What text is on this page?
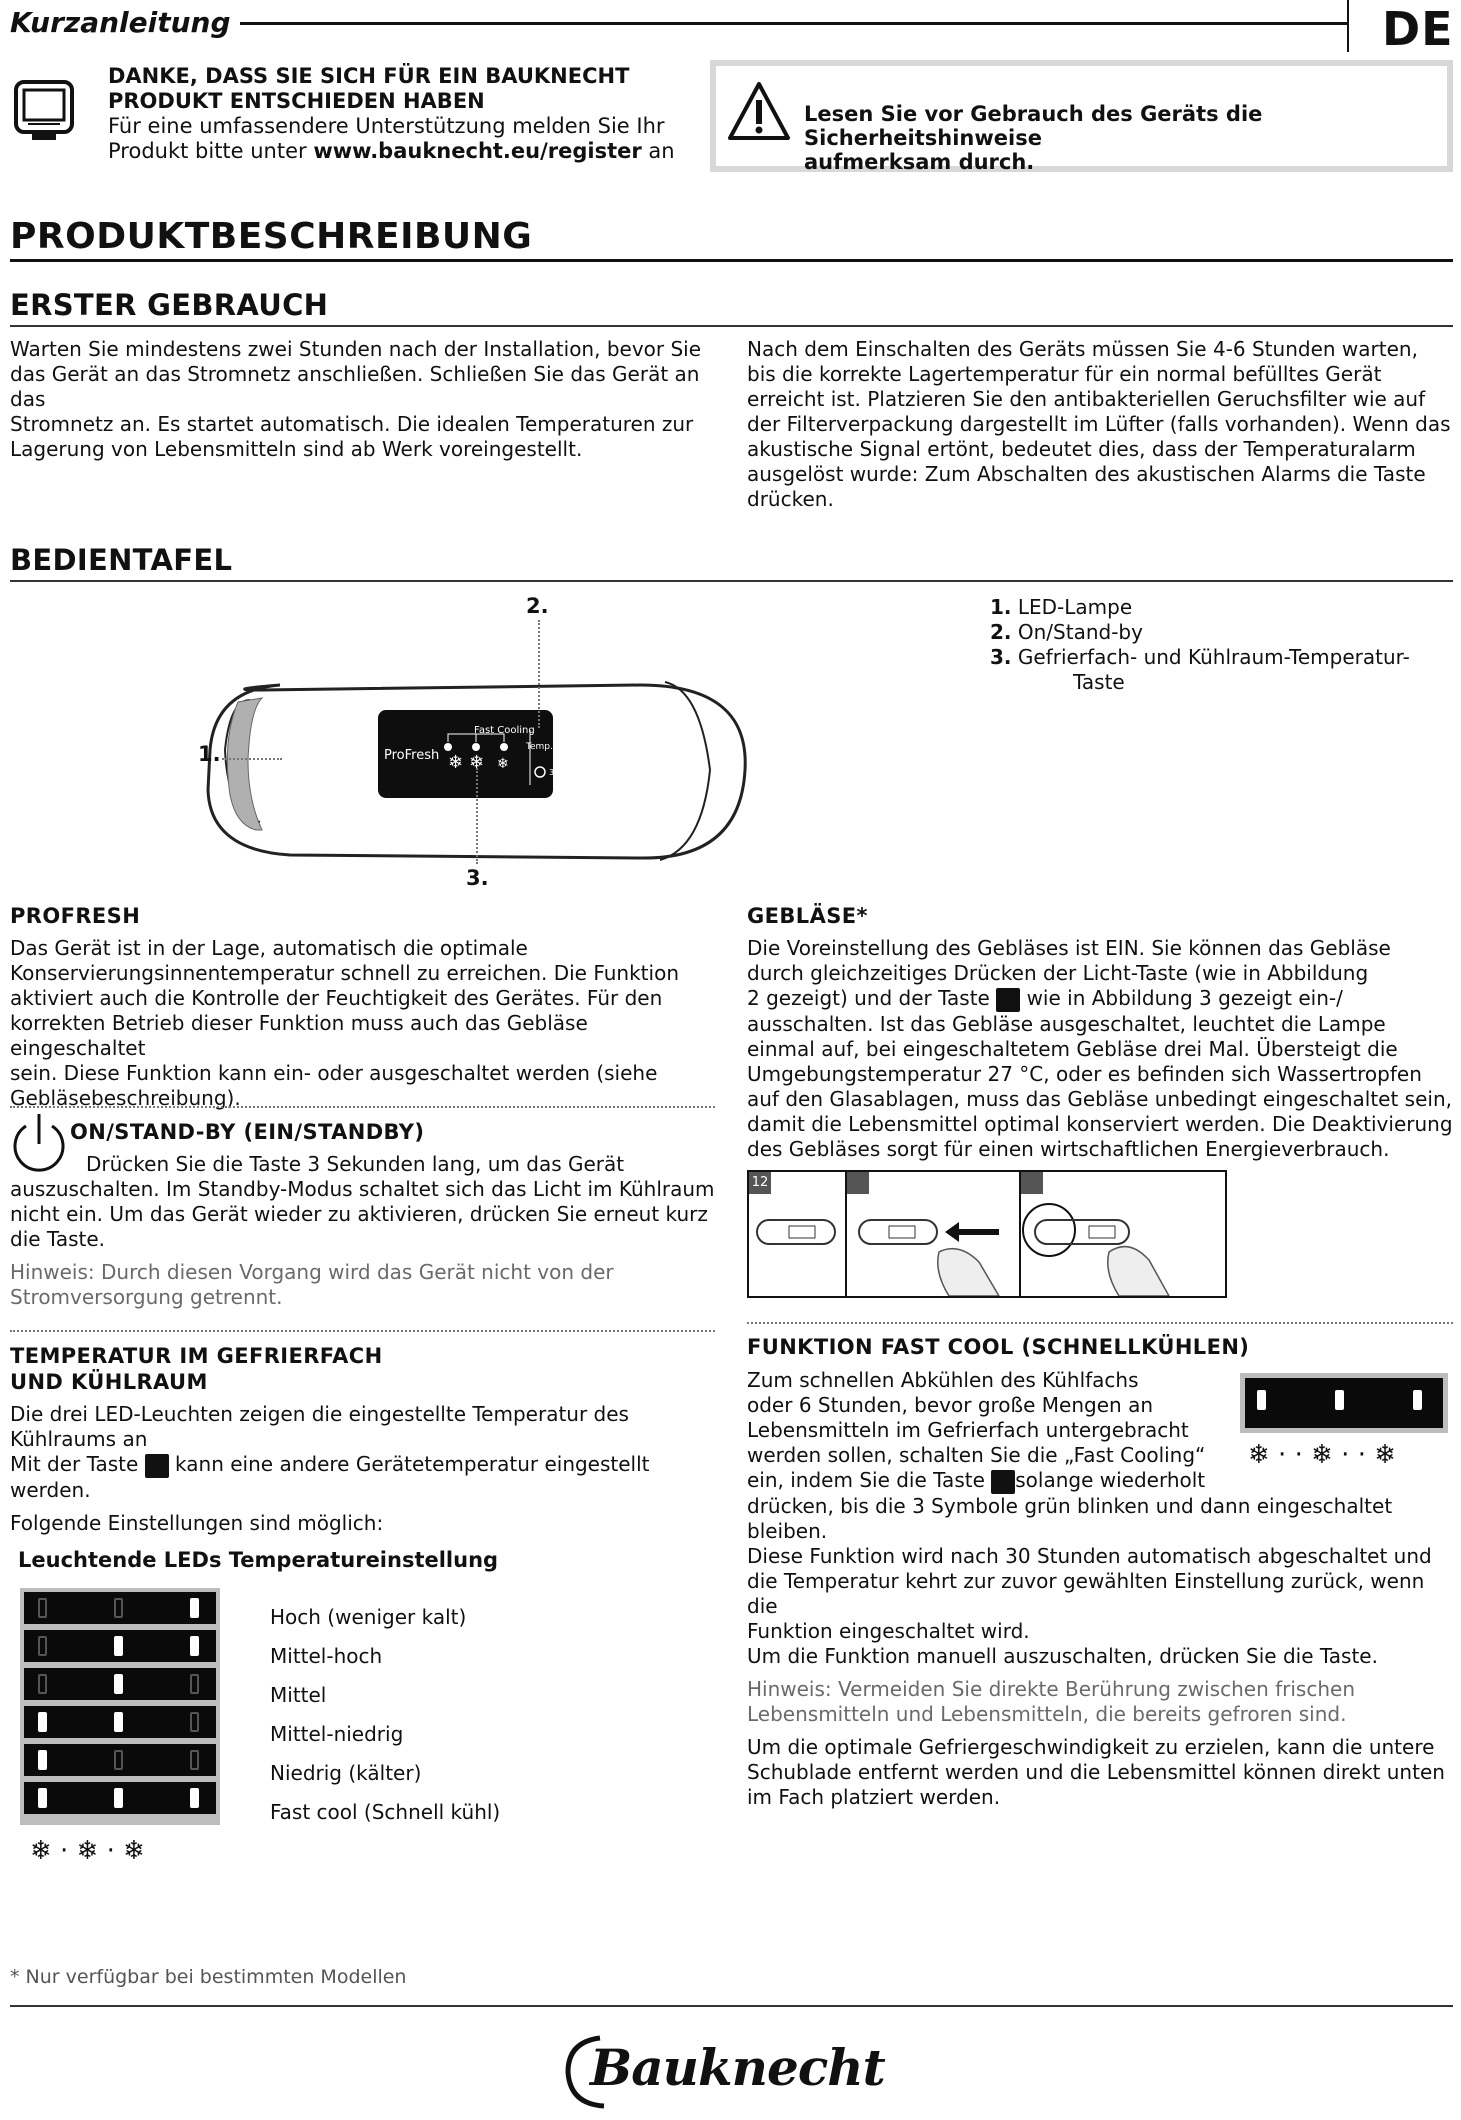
Kurzanleitung	DE
DANKE, DASS SIE SICH FÜR EIN BAUKNECHT
PRODUKT ENTSCHIEDEN HABEN
Für eine umfassendere Unterstützung melden Sie Ihr
Produkt bitte unter www.bauknecht.eu/register an
Lesen Sie vor Gebrauch des Geräts die Sicherheitshinweise
aufmerksam durch.
PRODUKTBESCHREIBUNG
ERSTER GEBRAUCH
Warten Sie mindestens zwei Stunden nach der Installation, bevor Sie
das Gerät an das Stromnetz anschließen. Schließen Sie das Gerät an das
Stromnetz an. Es startet automatisch. Die idealen Temperaturen zur
Lagerung von Lebensmitteln sind ab Werk voreingestellt.
Nach dem Einschalten des Geräts müssen Sie 4-6 Stunden warten,
bis die korrekte Lagertemperatur für ein normal befülltes Gerät
erreicht ist. Platzieren Sie den antibakteriellen Geruchsfilter wie auf
der Filterverpackung dargestellt im Lüfter (falls vorhanden). Wenn das
akustische Signal ertönt, bedeutet dies, dass der Temperaturalarm
ausgelöst wurde: Zum Abschalten des akustischen Alarms die Taste
drücken.
BEDIENTAFEL
❄ ❄ ❄
Fast Cooling
ProFresh
Temp.
3 sec
2.
1.
3.
1. LED-Lampe
2. On/Stand-by
3. Gefrierfach- und Kühlraum-Temperatur-
Taste
PROFRESH
Das Gerät ist in der Lage, automatisch die optimale
Konservierungsinnentemperatur schnell zu erreichen. Die Funktion
aktiviert auch die Kontrolle der Feuchtigkeit des Gerätes. Für den
korrekten Betrieb dieser Funktion muss auch das Gebläse eingeschaltet
sein. Diese Funktion kann ein- oder ausgeschaltet werden (siehe
Gebläsebeschreibung).
ON/STAND-BY (EIN/STANDBY)
Drücken Sie die Taste 3 Sekunden lang, um das Gerät
auszuschalten. Im Standby-Modus schaltet sich das Licht im Kühlraum
nicht ein. Um das Gerät wieder zu aktivieren, drücken Sie erneut kurz
die Taste.
Hinweis: Durch diesen Vorgang wird das Gerät nicht von der
Stromversorgung getrennt.
TEMPERATUR IM GEFRIERFACH
UND KÜHLRAUM
Die drei LED-Leuchten zeigen die eingestellte Temperatur des
Kühlraums an
Mit der Taste kann eine andere Gerätetemperatur eingestellt
werden.
Folgende Einstellungen sind möglich:
Leuchtende LEDs Temperatureinstellung
❄ · ❄ · ❄
Hoch (weniger kalt)
Mittel-hoch
Mittel
Mittel-niedrig
Niedrig (kälter)
Fast cool (Schnell kühl)
GEBLÄSE*
Die Voreinstellung des Gebläses ist EIN. Sie können das Gebläse
durch gleichzeitiges Drücken der Licht-Taste (wie in Abbildung
2 gezeigt) und der Taste wie in Abbildung 3 gezeigt ein-/
ausschalten. Ist das Gebläse ausgeschaltet, leuchtet die Lampe
einmal auf, bei eingeschaltetem Gebläse drei Mal. Übersteigt die
Umgebungstemperatur 27 °C, oder es befinden sich Wassertropfen
auf den Glasablagen, muss das Gebläse unbedingt eingeschaltet sein,
damit die Lebensmittel optimal konserviert werden. Die Deaktivierung
des Gebläses sorgt für einen wirtschaftlichen Energieverbrauch.
12
FUNKTION FAST COOL (SCHNELLKÜHLEN)
Zum schnellen Abkühlen des Kühlfachs
oder 6 Stunden, bevor große Mengen an
Lebensmitteln im Gefrierfach untergebracht
werden sollen, schalten Sie die „Fast Cooling“
ein, indem Sie die Taste solange wiederholt
drücken, bis die 3 Symbole grün blinken und dann eingeschaltet
bleiben.
Diese Funktion wird nach 30 Stunden automatisch abgeschaltet und
die Temperatur kehrt zur zuvor gewählten Einstellung zurück, wenn die
Funktion eingeschaltet wird.
Um die Funktion manuell auszuschalten, drücken Sie die Taste.
Hinweis: Vermeiden Sie direkte Berührung zwischen frischen
Lebensmitteln und Lebensmitteln, die bereits gefroren sind.
Um die optimale Gefriergeschwindigkeit zu erzielen, kann die untere
Schublade entfernt werden und die Lebensmittel können direkt unten
im Fach platziert werden.
❄ · · ❄ · · ❄
* Nur verfügbar bei bestimmten Modellen
Bauknecht
